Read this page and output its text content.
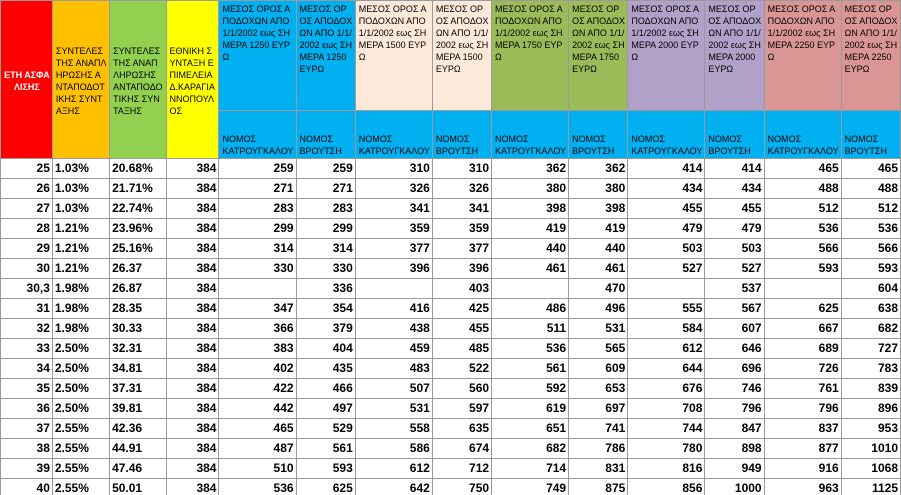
ΕΤΗ ΑΣΦΑΛΙΣΗΣ	ΣΥΝΤΕΛΕΣΤΗΣ ΑΝΑΠΛΗΡΩΣΗΣ ΑΝΤΑΠΟΔΟΤΙΚΗΣ ΣΥΝΤΑΞΗΣ	ΣΥΝΤΕΛΕΣΤΗΣ ΑΝΑΠΛΗΡΩΣΗΣ ΑΝΤΑΠΟΔΟΤΙΚΗΣ ΣΥΝΤΑΞΗΣ	ΕΘΝΙΚΗ ΣΥΝΤΑΞΗ ΕΠΙΜΕΛΕΙΑ Δ.ΚΑΡΑΓΙΑΝΝΟΠΟΥΛΟΣ	ΜΕΣΟΣ ΟΡΟΣ ΑΠΟΔΟΧΩΝ ΑΠΟ 1/1/2002 εως ΣΗΜΕΡΑ 1250 ΕΥΡΩ	ΜΕΣΟΣ ΟΡΟΣ ΑΠΟΔΟΧΩΝ ΑΠΟ 1/1/2002 εως ΣΗΜΕΡΑ 1250 ΕΥΡΩ	ΜΕΣΟΣ ΟΡΟΣ ΑΠΟΔΟΧΩΝ ΑΠΟ 1/1/2002 εως ΣΗΜΕΡΑ 1500 ΕΥΡΩ	ΜΕΣΟΣ ΟΡΟΣ ΑΠΟΔΟΧΩΝ ΑΠΟ 1/1/2002 εως ΣΗΜΕΡΑ 1500 ΕΥΡΩ	ΜΕΣΟΣ ΟΡΟΣ ΑΠΟΔΟΧΩΝ ΑΠΟ 1/1/2002 εως ΣΗΜΕΡΑ 1750 ΕΥΡΩ	ΜΕΣΟΣ ΟΡΟΣ ΑΠΟΔΟΧΩΝ ΑΠΟ 1/1/2002 εως ΣΗΜΕΡΑ 1750 ΕΥΡΩ	ΜΕΣΟΣ ΟΡΟΣ ΑΠΟΔΟΧΩΝ ΑΠΟ 1/1/2002 εως ΣΗΜΕΡΑ 2000 ΕΥΡΩ	ΜΕΣΟΣ ΟΡΟΣ ΑΠΟΔΟΧΩΝ ΑΠΟ 1/1/2002 εως ΣΗΜΕΡΑ 2000 ΕΥΡΩ	ΜΕΣΟΣ ΟΡΟΣ ΑΠΟΔΟΧΩΝ ΑΠΟ 1/1/2002 εως ΣΗΜΕΡΑ 2250 ΕΥΡΩ	ΜΕΣΟΣ ΟΡΟΣ ΑΠΟΔΟΧΩΝ ΑΠΟ 1/1/2002 εως ΣΗΜΕΡΑ 2250 ΕΥΡΩ
				ΝΟΜΟΣ ΚΑΤΡΟΥΓΚΑΛΟΥ	ΝΟΜΟΣ ΒΡΟΥΤΣΗ	ΝΟΜΟΣ ΚΑΤΡΟΥΓΚΑΛΟΥ	ΝΟΜΟΣ ΒΡΟΥΤΣΗ	ΝΟΜΟΣ ΚΑΤΡΟΥΓΚΑΛΟΥ	ΝΟΜΟΣ ΒΡΟΥΤΣΗ	ΝΟΜΟΣ ΚΑΤΡΟΥΓΚΑΛΟΥ	ΝΟΜΟΣ ΒΡΟΥΤΣΗ	ΝΟΜΟΣ ΚΑΤΡΟΥΓΚΑΛΟΥ	ΝΟΜΟΣ ΒΡΟΥΤΣΗ
25	1.03%	20.68%	384	259	259	310	310	362	362	414	414	465	465
26	1.03%	21.71%	384	271	271	326	326	380	380	434	434	488	488
27	1.03%	22.74%	384	283	283	341	341	398	398	455	455	512	512
28	1.21%	23.96%	384	299	299	359	359	419	419	479	479	536	536
29	1.21%	25.16%	384	314	314	377	377	440	440	503	503	566	566
30	1.21%	26.37	384	330	330	396	396	461	461	527	527	593	593
30,3	1.98%	26.87	384		336		403		470		537		604
31	1.98%	28.35	384	347	354	416	425	486	496	555	567	625	638
32	1.98%	30.33	384	366	379	438	455	511	531	584	607	667	682
33	2.50%	32.31	384	383	404	459	485	536	565	612	646	689	727
34	2.50%	34.81	384	402	435	483	522	561	609	644	696	726	783
35	2.50%	37.31	384	422	466	507	560	592	653	676	746	761	839
36	2.50%	39.81	384	442	497	531	597	619	697	708	796	796	896
37	2.55%	42.36	384	465	529	558	635	651	741	744	847	837	953
38	2.55%	44.91	384	487	561	586	674	682	786	780	898	877	1010
39	2.55%	47.46	384	510	593	612	712	714	831	816	949	916	1068
40	2.55%	50.01	384	536	625	642	750	749	875	856	1000	963	1125
